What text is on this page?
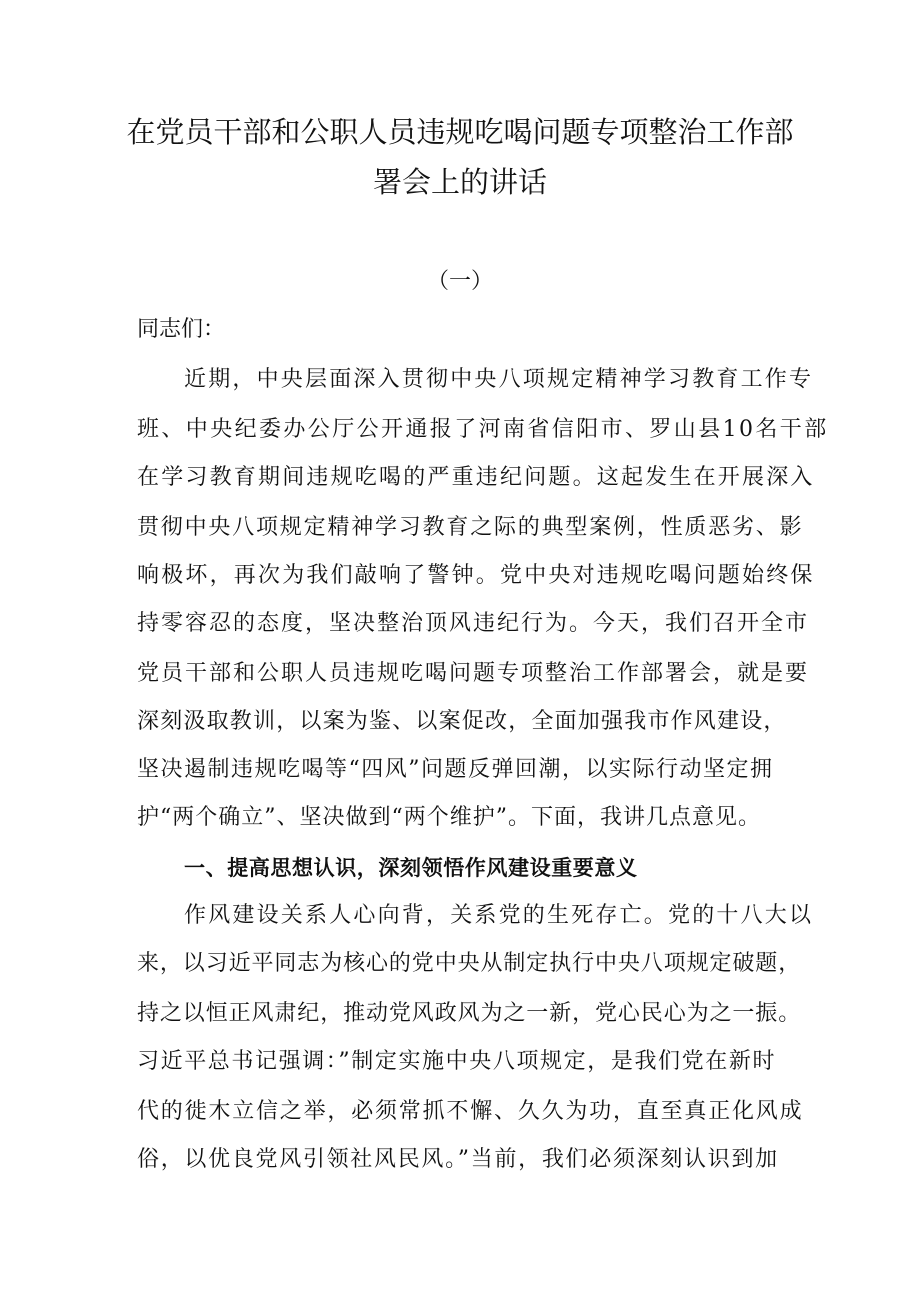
在党员干部和公职人员违规吃喝问题专项整治工作部
署会上的讲话
（一）

同志们：

近期，中央层面深入贯彻中央八项规定精神学习教育工作专

班、中央纪委办公厅公开通报了河南省信阳市、罗山县10名干部

在学习教育期间违规吃喝的严重违纪问题。这起发生在开展深入

贯彻中央八项规定精神学习教育之际的典型案例，性质恶劣、影

响极坏，再次为我们敲响了警钟。党中央对违规吃喝问题始终保

持零容忍的态度，坚决整治顶风违纪行为。今天，我们召开全市

党员干部和公职人员违规吃喝问题专项整治工作部署会，就是要

深刻汲取教训，以案为鉴、以案促改，全面加强我市作风建设，

坚决遏制违规吃喝等“四风”问题反弹回潮，以实际行动坚定拥

护“两个确立”、坚决做到“两个维护”。下面，我讲几点意见。

一、提高思想认识，深刻领悟作风建设重要意义

作风建设关系人心向背，关系党的生死存亡。党的十八大以

来，以习近平同志为核心的党中央从制定执行中央八项规定破题，

持之以恒正风肃纪，推动党风政风为之一新，党心民心为之一振。

习近平总书记强调：”制定实施中央八项规定，是我们党在新时

代的徙木立信之举，必须常抓不懈、久久为功，直至真正化风成

俗，以优良党风引领社风民风。”当前，我们必须深刻认识到加
